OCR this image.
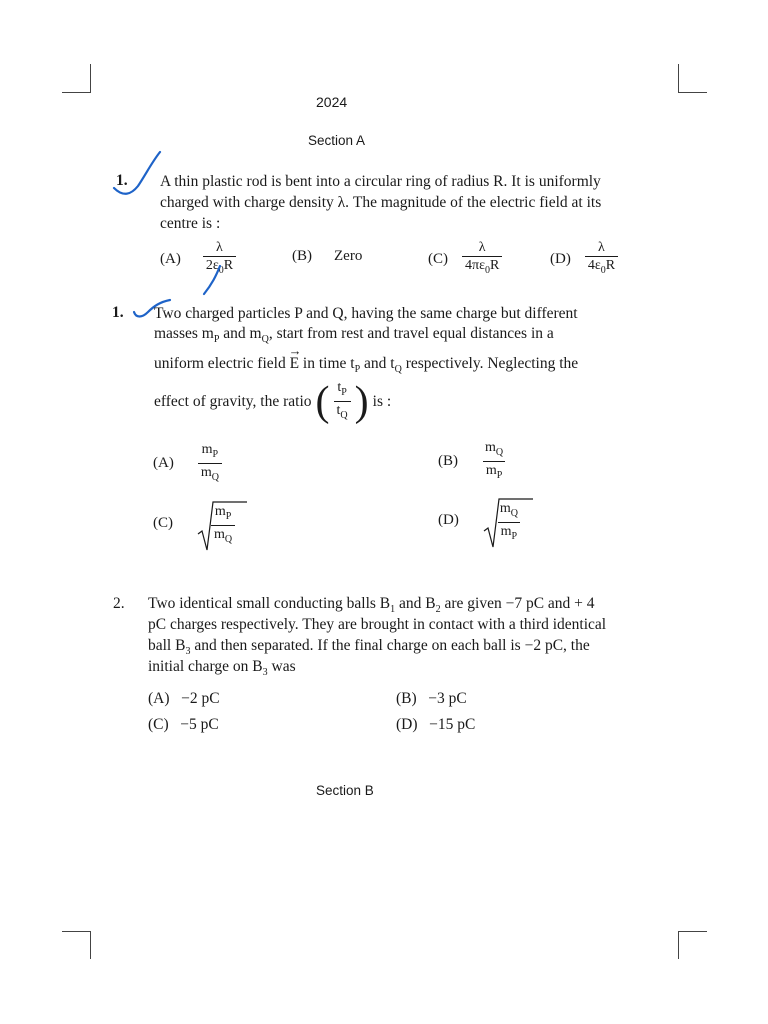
2024
Section A
1. A thin plastic rod is bent into a circular ring of radius R. It is uniformly
charged with charge density λ. The magnitude of the electric field at its
centre is :
$(A) \frac{\lambda}{2\varepsilon_0R}$	(B) Zero	$(C) \frac{\lambda}{4\pi\varepsilon_0R}$	$(D) \frac{\lambda}{4\varepsilon_0R}$
1. Two charged particles P and Q, having the same charge but different
masses $m_P$ and $m_Q$, start from rest and travel equal distances in a
uniform electric field
→
E in time $t_P$ and $t_Q$ respectively. Neglecting the
effect of gravity, the ratio ( $\frac{t_P}{t_Q}$ ) is :
$(A) \frac{m_P}{m_Q}$	$(B) \frac{m_Q}{m_P}$
(C)	$\frac{m_P}{m_Q}$	(D)	$\frac{m_Q}{m_P}$
2. Two identical small conducting balls $B_1$ and $B_2$ are given −7 pC and + 4
pC charges respectively. They are brought in contact with a third identical
ball $B_3$ and then separated. If the final charge on each ball is −2 pC, the
initial charge on $B_3$ was
(A) −2 pC	(B) −3 pC
(C) −5 pC	(D) −15 pC
Section B
